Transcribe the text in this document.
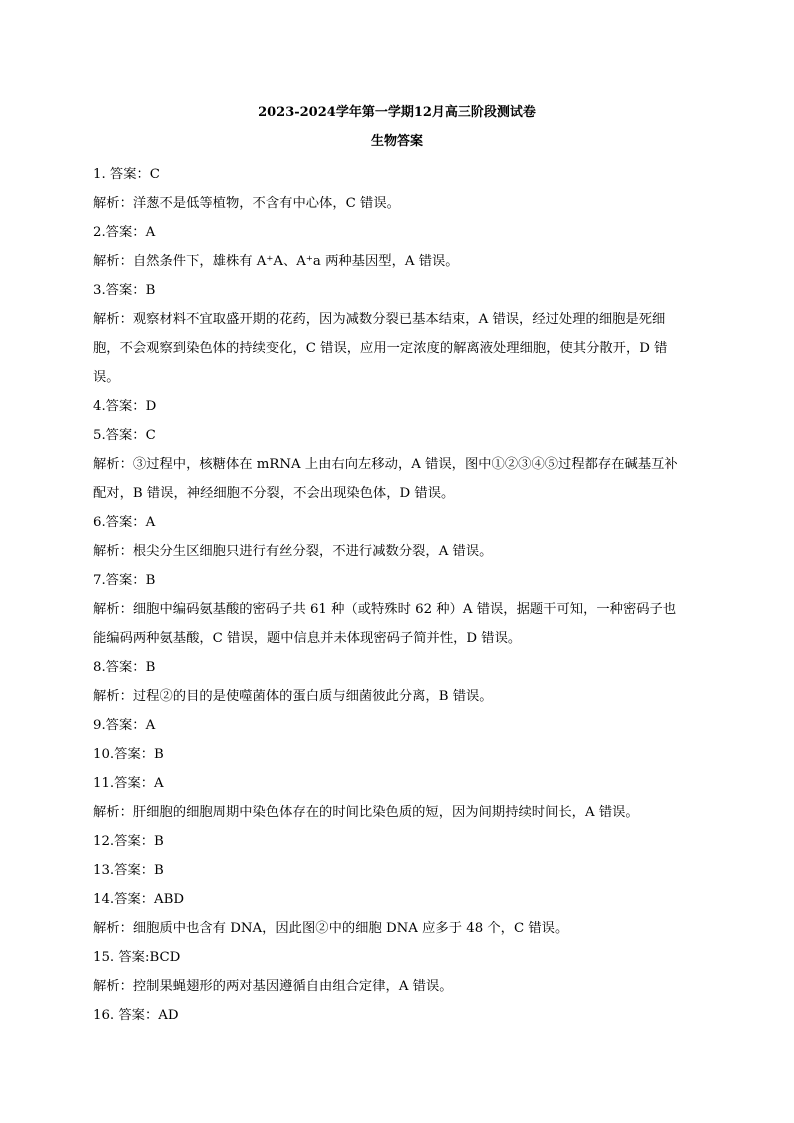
2023-2024学年第一学期12月高三阶段测试卷
生物答案
1. 答案：C
解析：洋葱不是低等植物，不含有中心体，C 错误。
2.答案：A
解析：自然条件下，雄株有 A⁺A、A⁺a 两种基因型，A 错误。
3.答案：B
解析：观察材料不宜取盛开期的花药，因为减数分裂已基本结束，A 错误，经过处理的细胞是死细
胞，不会观察到染色体的持续变化，C 错误，应用一定浓度的解离液处理细胞，使其分散开，D 错
误。
4.答案：D
5.答案：C
解析：③过程中，核糖体在 mRNA 上由右向左移动，A 错误，图中①②③④⑤过程都存在碱基互补
配对，B 错误，神经细胞不分裂，不会出现染色体，D 错误。
6.答案：A
解析：根尖分生区细胞只进行有丝分裂，不进行减数分裂，A 错误。
7.答案：B
解析：细胞中编码氨基酸的密码子共 61 种（或特殊时 62 种）A 错误，据题干可知，一种密码子也
能编码两种氨基酸，C 错误，题中信息并未体现密码子简并性，D 错误。
8.答案：B
解析：过程②的目的是使噬菌体的蛋白质与细菌彼此分离，B 错误。
9.答案：A
10.答案：B
11.答案：A
解析：肝细胞的细胞周期中染色体存在的时间比染色质的短，因为间期持续时间长，A 错误。
12.答案：B
13.答案：B
14.答案：ABD
解析：细胞质中也含有 DNA，因此图②中的细胞 DNA 应多于 48 个，C 错误。
15. 答案:BCD
解析：控制果蝇翅形的两对基因遵循自由组合定律，A 错误。
16. 答案：AD
